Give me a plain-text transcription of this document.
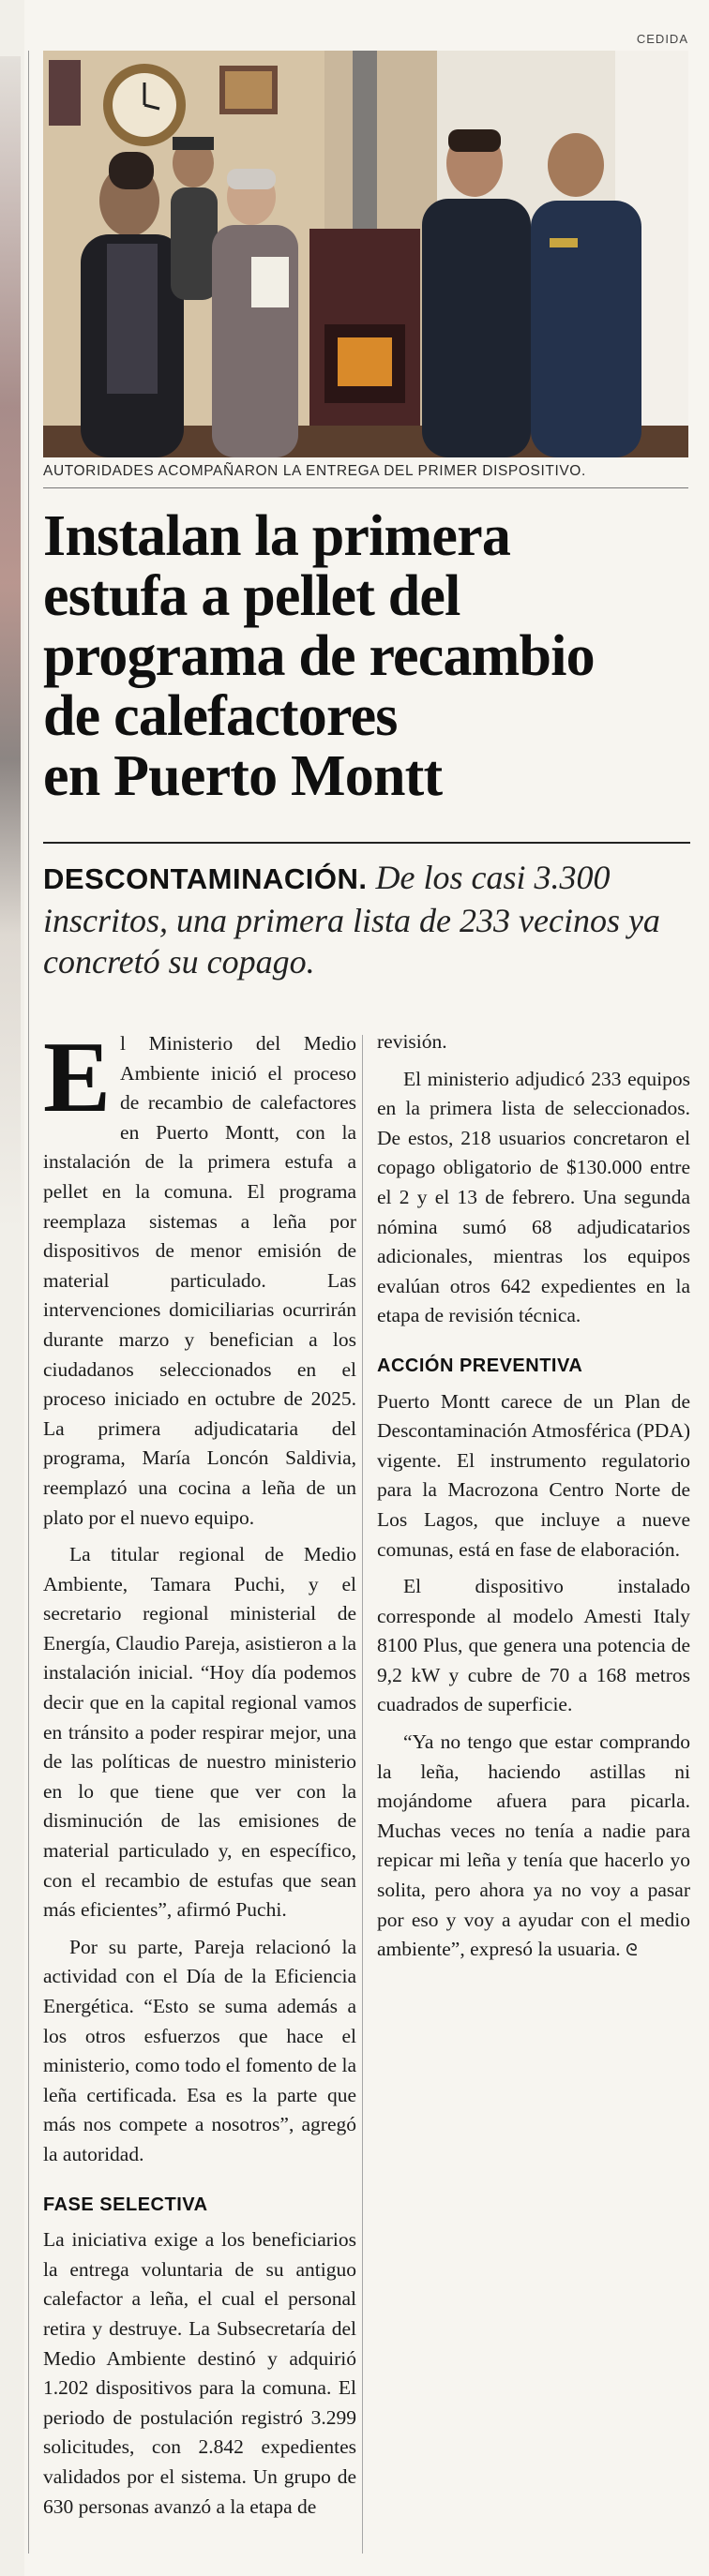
CEDIDA
AUTORIDADES ACOMPAÑARON LA ENTREGA DEL PRIMER DISPOSITIVO.
Instalan la primera
estufa a pellet del
programa de recambio
de calefactores
en Puerto Montt
DESCONTAMINACIÓN. De los casi 3.300 inscritos, una primera lista de 233 vecinos ya concretó su copago.

El Ministerio del Medio Ambiente inició el proceso de recambio de calefactores en Puerto Montt, con la instalación de la primera estufa a pellet en la comuna. El programa reemplaza sistemas a leña por dispositivos de menor emisión de material particulado. Las intervenciones domiciliarias ocurrirán durante marzo y benefician a los ciudadanos seleccionados en el proceso iniciado en octubre de 2025. La primera adjudicataria del programa, María Loncón Saldivia, reemplazó una cocina a leña de un plato por el nuevo equipo.

La titular regional de Medio Ambiente, Tamara Puchi, y el secretario regional ministerial de Energía, Claudio Pareja, asistieron a la instalación inicial. “Hoy día podemos decir que en la capital regional vamos en tránsito a poder respirar mejor, una de las políticas de nuestro ministerio en lo que tiene que ver con la disminución de las emisiones de material particulado y, en específico, con el recambio de estufas que sean más eficientes”, afirmó Puchi.

Por su parte, Pareja relacionó la actividad con el Día de la Eficiencia Energética. “Esto se suma además a los otros esfuerzos que hace el ministerio, como todo el fomento de la leña certificada. Esa es la parte que más nos compete a nosotros”, agregó la autoridad.

FASE SELECTIVA

La iniciativa exige a los beneficiarios la entrega voluntaria de su antiguo calefactor a leña, el cual el personal retira y destruye. La Subsecretaría del Medio Ambiente destinó y adquirió 1.202 dispositivos para la comuna. El periodo de postulación registró 3.299 solicitudes, con 2.842 expedientes validados por el sistema. Un grupo de 630 personas avanzó a la etapa de

revisión.

El ministerio adjudicó 233 equipos en la primera lista de seleccionados. De estos, 218 usuarios concretaron el copago obligatorio de $130.000 entre el 2 y el 13 de febrero. Una segunda nómina sumó 68 adjudicatarios adicionales, mientras los equipos evalúan otros 642 expedientes en la etapa de revisión técnica.

ACCIÓN PREVENTIVA

Puerto Montt carece de un Plan de Descontaminación Atmosférica (PDA) vigente. El instrumento regulatorio para la Macrozona Centro Norte de Los Lagos, que incluye a nueve comunas, está en fase de elaboración.

El dispositivo instalado corresponde al modelo Amesti Italy 8100 Plus, que genera una potencia de 9,2 kW y cubre de 70 a 168 metros cuadrados de superficie.

“Ya no tengo que estar comprando la leña, haciendo astillas ni mojándome afuera para picarla. Muchas veces no tenía a nadie para repicar mi leña y tenía que hacerlo yo solita, pero ahora ya no voy a pasar por eso y voy a ayudar con el medio ambiente”, expresó la usuaria. ᘓ
